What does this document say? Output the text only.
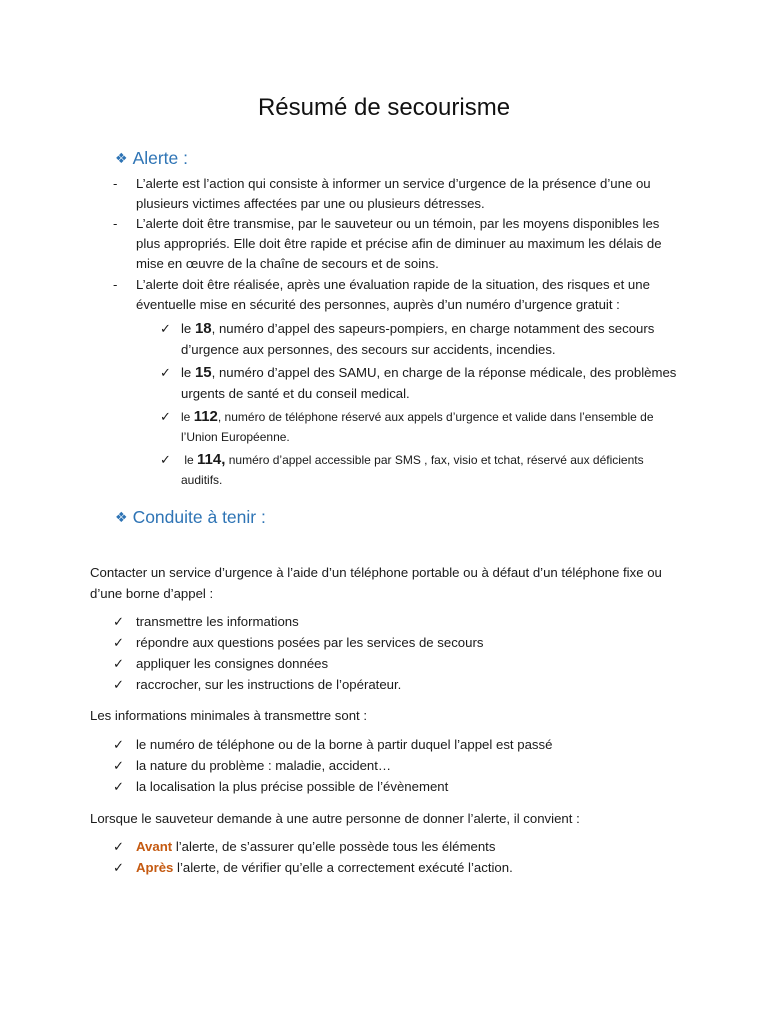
Résumé de secourisme
❖ Alerte :
- L’alerte est l’action qui consiste à informer un service d’urgence de la présence d’une ou plusieurs victimes affectées par une ou plusieurs détresses.
- L’alerte doit être transmise, par le sauveteur ou un témoin, par les moyens disponibles les plus appropriés. Elle doit être rapide et précise afin de diminuer au maximum les délais de mise en œuvre de la chaîne de secours et de soins.
- L’alerte doit être réalisée, après une évaluation rapide de la situation, des risques et une éventuelle mise en sécurité des personnes, auprès d’un numéro d’urgence gratuit :
✓ le 18, numéro d’appel des sapeurs-pompiers, en charge notamment des secours d’urgence aux personnes, des secours sur accidents, incendies.
✓ le 15, numéro d’appel des SAMU, en charge de la réponse médicale, des problèmes urgents de santé et du conseil medical.
✓ le 112, numéro de téléphone réservé aux appels d’urgence et valide dans l’ensemble de l’Union Européenne.
✓ le 114, numéro d’appel accessible par SMS , fax, visio et tchat, réservé aux déficients auditifs.
❖ Conduite à tenir :
Contacter un service d’urgence à l’aide d’un téléphone portable ou à défaut d’un téléphone fixe ou d’une borne d’appel :
✓ transmettre les informations
✓ répondre aux questions posées par les services de secours
✓ appliquer les consignes données
✓ raccrocher, sur les instructions de l’opérateur.
Les informations minimales à transmettre sont :
✓ le numéro de téléphone ou de la borne à partir duquel l’appel est passé
✓ la nature du problème : maladie, accident…
✓ la localisation la plus précise possible de l’évènement
Lorsque le sauveteur demande à une autre personne de donner l’alerte, il convient :
✓ Avant l’alerte, de s’assurer qu’elle possède tous les éléments
✓ Après l’alerte, de vérifier qu’elle a correctement exécuté l’action.
